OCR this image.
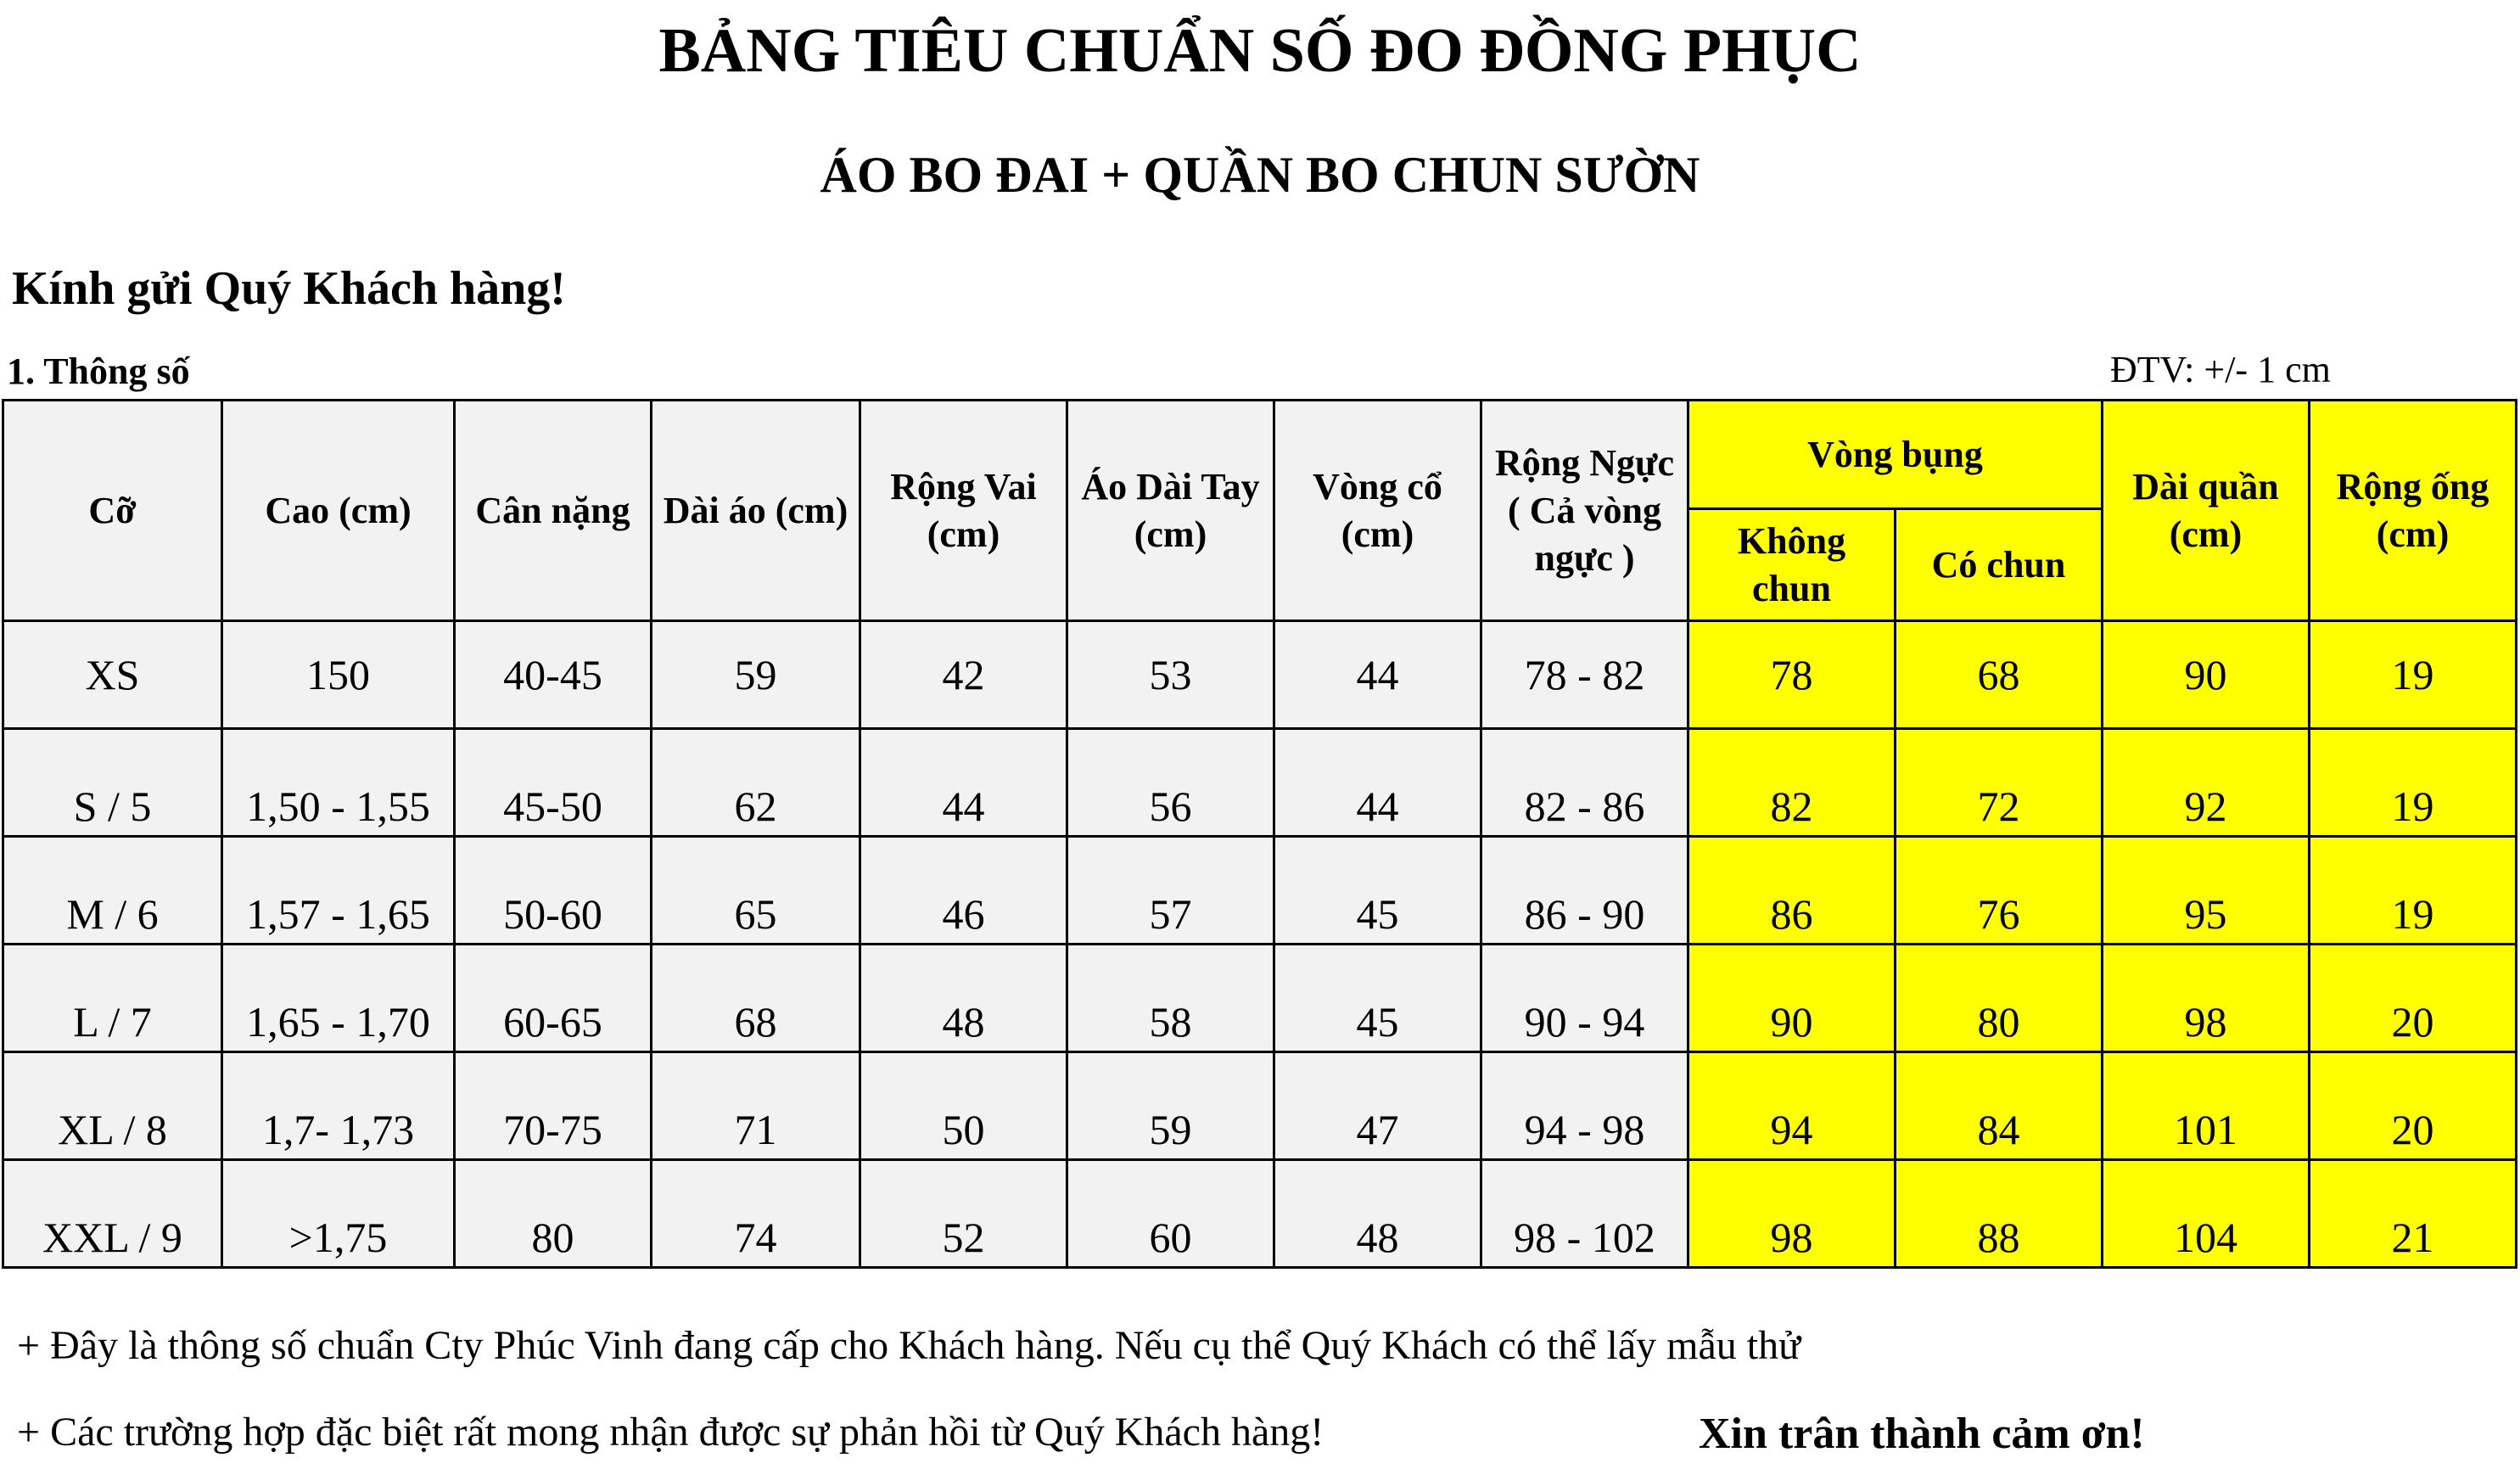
BẢNG TIÊU CHUẨN SỐ ĐO ĐỒNG PHỤC
ÁO BO ĐAI + QUẦN BO CHUN SƯỜN
Kính gửi Quý Khách hàng!
1. Thông số	ĐTV: +/- 1 cm
Cỡ	Cao (cm)	Cân nặng	Dài áo (cm)	Rộng Vai (cm)	Áo Dài Tay (cm)	Vòng cổ (cm)	Rộng Ngực ( Cả vòng ngực )	Vòng bụng		Dài quần (cm)	Rộng ống (cm)

								Không chun	Có chun		
XS	150	40-45	59	42	53	44	78 - 82	78	68	90	19
S / 5	1,50 - 1,55	45-50	62	44	56	44	82 - 86	82	72	92	19
M / 6	1,57 - 1,65	50-60	65	46	57	45	86 - 90	86	76	95	19
L / 7	1,65 - 1,70	60-65	68	48	58	45	90 - 94	90	80	98	20
XL / 8	1,7- 1,73	70-75	71	50	59	47	94 - 98	94	84	101	20
XXL / 9	>1,75	80	74	52	60	48	98 - 102	98	88	104	21
+ Đây là thông số chuẩn Cty Phúc Vinh đang cấp cho Khách hàng. Nếu cụ thể Quý Khách có thể lấy mẫu thử
+ Các trường hợp đặc biệt rất mong nhận được sự phản hồi từ Quý Khách hàng!	Xin trân thành cảm ơn!
